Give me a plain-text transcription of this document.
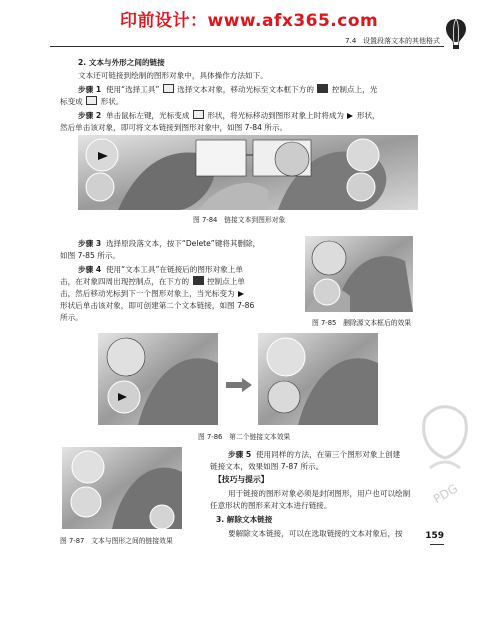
印前设计：www.afx365.com
7.4 设置段落文本的其他格式
2. 文本与外形之间的链接
文本还可链接到绘制的图形对象中，具体操作方法如下。
步骤 1 使用“选择工具” 选择文本对象，移动光标至文本框下方的 控制点上，光
标变成 形状。
步骤 2 单击鼠标左键，光标变成 形状，将光标移动到图形对象上时将成为 形状，
然后单击该对象，即可将文本链接到图形对象中，如图 7-84 所示。
图 7-84　链接文本到图形对象
步骤 3 选择原段落文本，按下“Delete”键将其删除，
如图 7-85 所示。
步骤 4 使用“文本工具”在链接后的图形对象上单
击，在对象四周出现控制点，在下方的 控制点上单
击，然后移动光标到下一个图形对象上，当光标变为
形状后单击该对象，即可创建第二个文本链接，如图 7-86
所示。
图 7-85　删除源文本框后的效果
图 7-86　第二个链接文本效果
图 7-87　文本与图形之间的链接效果
步骤 5 使用同样的方法，在第三个图形对象上创建
链接文本，效果如图 7-87 所示。
【技巧与提示】
用于链接的图形对象必须是封闭图形，用户也可以绘制
任意形状的图形来对文本进行链接。
3. 解除文本链接
要解除文本链接，可以在选取链接的文本对象后，按	159
PDG
